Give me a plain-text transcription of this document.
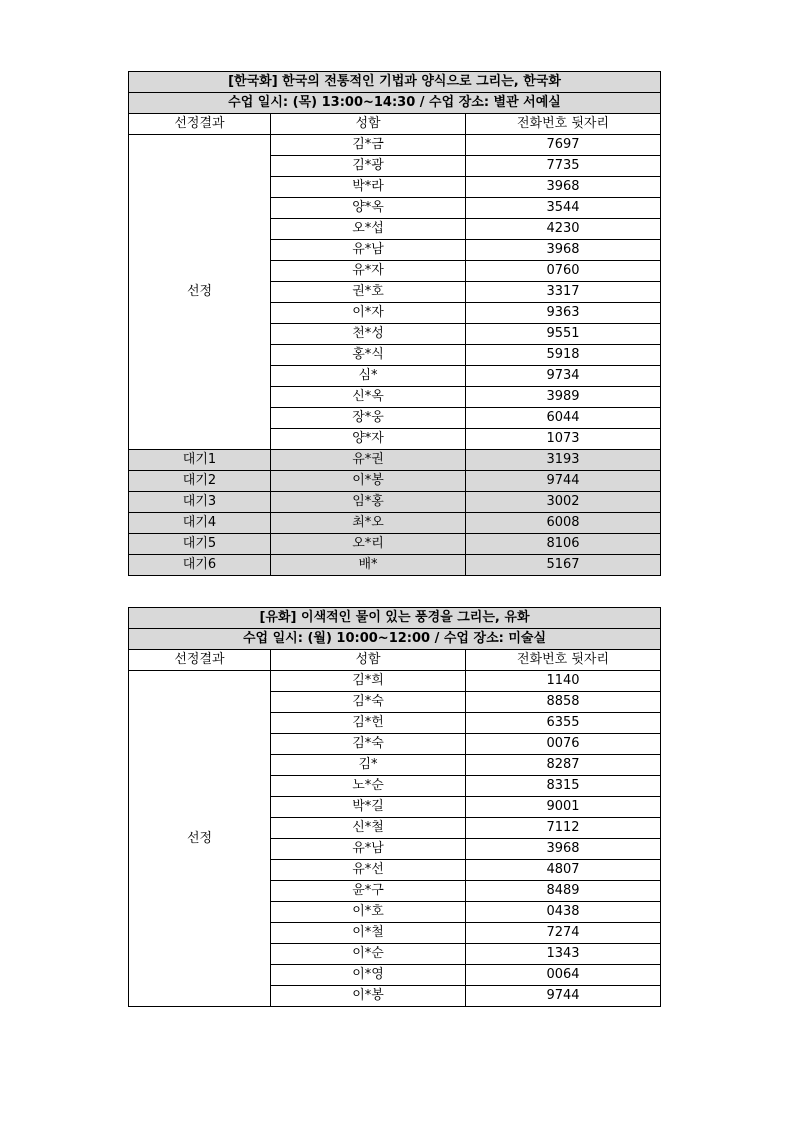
[한국화] 한국의 전통적인 기법과 양식으로 그리는, 한국화		
수업 일시: (목) 13:00~14:30 / 수업 장소: 별관 서예실		
선정결과	성함	전화번호 뒷자리
선정	김*금	7697
	김*광	7735
	박*라	3968
	양*옥	3544
	오*섭	4230
	유*남	3968
	유*자	0760
	권*호	3317
	이*자	9363
	천*성	9551
	홍*식	5918
	심*	9734
	신*옥	3989
	장*웅	6044
	양*자	1073
대기1	유*권	3193
대기2	이*봉	9744
대기3	임*홍	3002
대기4	최*오	6008
대기5	오*리	8106
대기6	배*	5167
[유화] 이색적인 물이 있는 풍경을 그리는, 유화		
수업 일시: (월) 10:00~12:00 / 수업 장소: 미술실		
선정결과	성함	전화번호 뒷자리
선정	김*희	1140
	김*숙	8858
	김*헌	6355
	김*숙	0076
	김*	8287
	노*순	8315
	박*길	9001
	신*철	7112
	유*남	3968
	유*선	4807
	윤*구	8489
	이*호	0438
	이*철	7274
	이*순	1343
	이*영	0064
	이*봉	9744
